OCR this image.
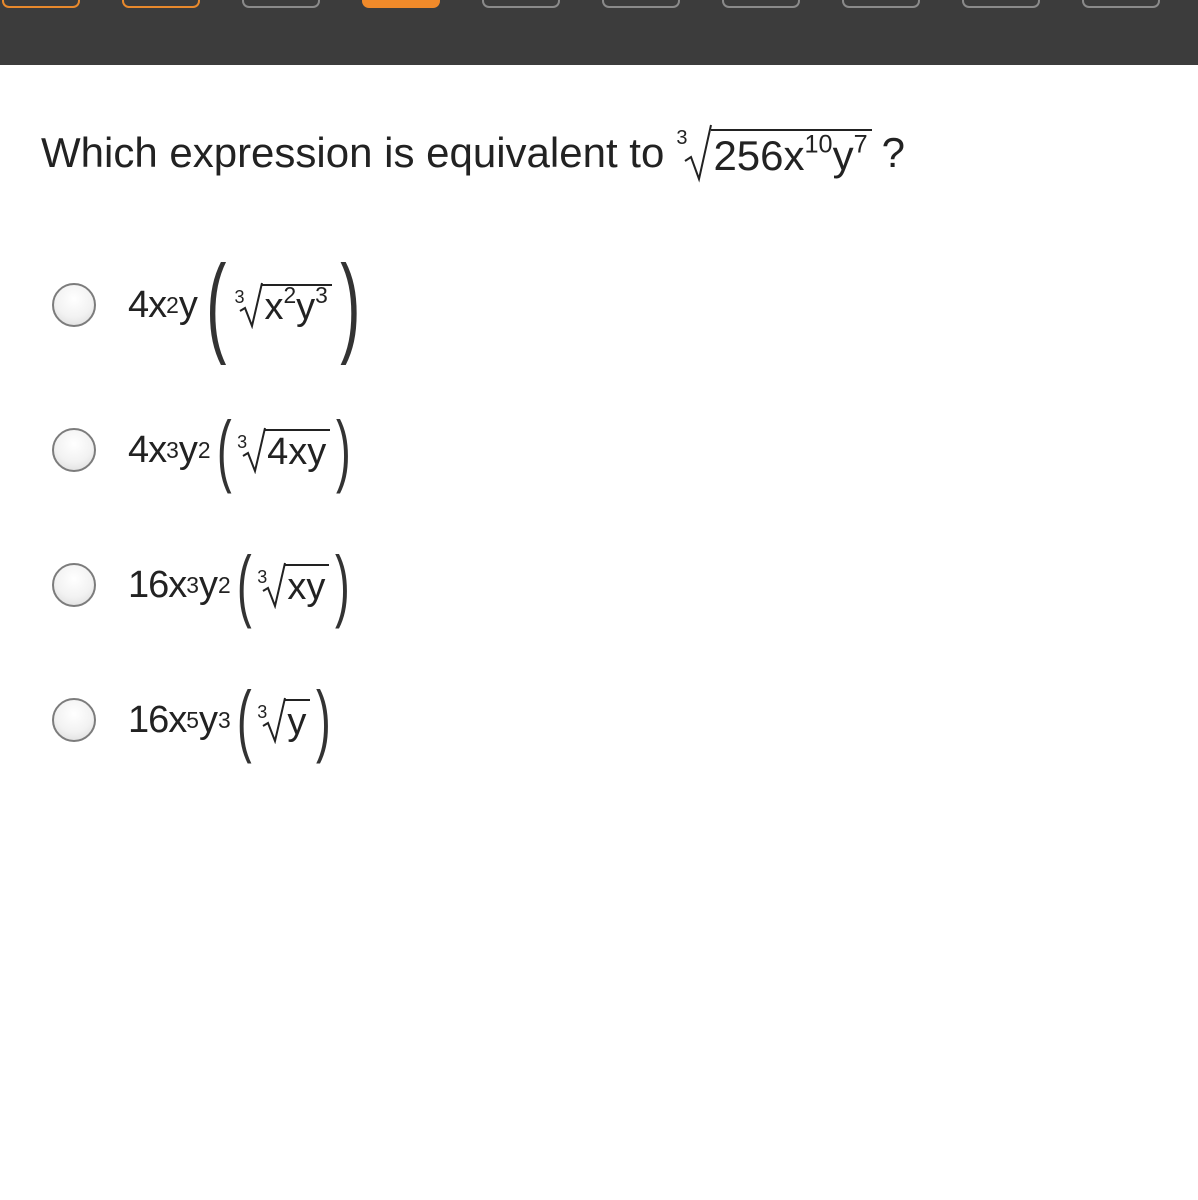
Which expression is equivalent to 3 $256x^{10}y^7$ ?
4x 2 y ( 3 $x^2y^3$ )
4x 3 y 2 ( 3 4xy )
16x 3 y 2 ( 3 xy )
16x 5 y 3 ( 3 y )
